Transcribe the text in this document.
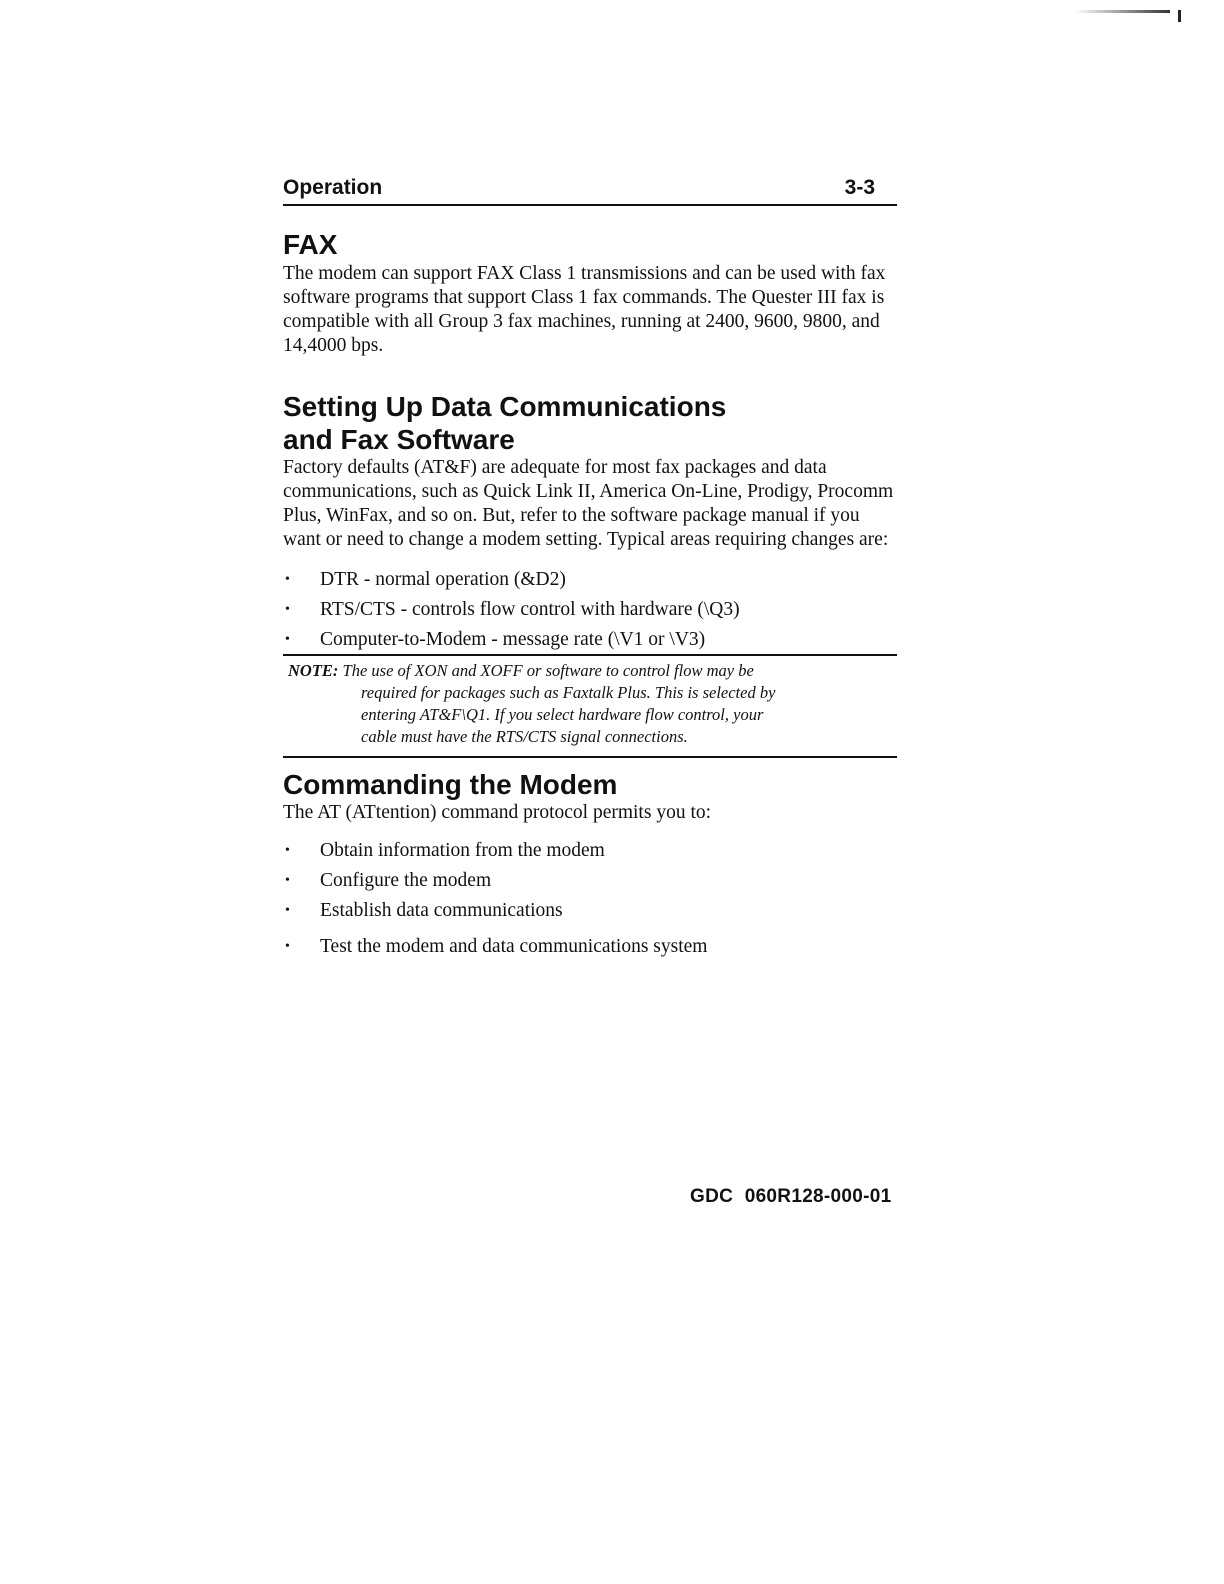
Operation	3-3
FAX

The modem can support FAX Class 1 transmissions and can be used with fax software programs that support Class 1 fax commands. The Quester III fax is compatible with all Group 3 fax machines, running at 2400, 9600, 9800, and 14,4000 bps.

Setting Up Data Communications
and Fax Software

Factory defaults (AT&F) are adequate for most fax packages and data communications, such as Quick Link II, America On-Line, Prodigy, Procomm Plus, WinFax, and so on. But, refer to the software package manual if you want or need to change a modem setting. Typical areas requiring changes are:

• DTR - normal operation (&D2)
• RTS/CTS - controls flow control with hardware (\Q3)
• Computer-to-Modem - message rate (\V1 or \V3)
NOTE: The use of XON and XOFF or software to control flow may be
required for packages such as Faxtalk Plus. This is selected by
entering AT&F\Q1. If you select hardware flow control, your
cable must have the RTS/CTS signal connections.
Commanding the Modem

The AT (ATtention) command protocol permits you to:

• Obtain information from the modem
• Configure the modem
• Establish data communications
• Test the modem and data communications system
GDC 060R128-000-01
